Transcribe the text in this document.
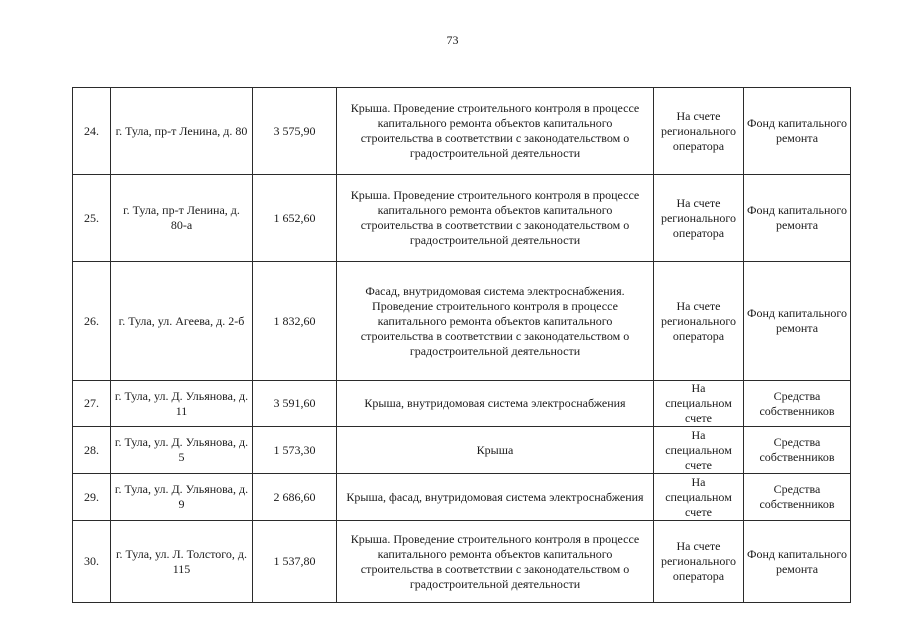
73
24.	г. Тула, пр-т Ленина, д. 80	3 575,90	Крыша. Проведение строительного контроля в процессе капитального ремонта объектов капитального строительства в соответствии с законодательством о градостроительной деятельности	На счете регионального оператора	Фонд капитального ремонта
25.	г. Тула, пр-т Ленина, д. 80-а	1 652,60	Крыша. Проведение строительного контроля в процессе капитального ремонта объектов капитального строительства в соответствии с законодательством о градостроительной деятельности	На счете регионального оператора	Фонд капитального ремонта
26.	г. Тула, ул. Агеева, д. 2-б	1 832,60	Фасад, внутридомовая система электроснабжения. Проведение строительного контроля в процессе капитального ремонта объектов капитального строительства в соответствии с законодательством о градостроительной деятельности	На счете регионального оператора	Фонд капитального ремонта
27.	г. Тула, ул. Д. Ульянова, д. 11	3 591,60	Крыша, внутридомовая система электроснабжения	На специальном счете	Средства собственников
28.	г. Тула, ул. Д. Ульянова, д. 5	1 573,30	Крыша	На специальном счете	Средства собственников
29.	г. Тула, ул. Д. Ульянова, д. 9	2 686,60	Крыша, фасад, внутридомовая система электроснабжения	На специальном счете	Средства собственников
30.	г. Тула, ул. Л. Толстого, д. 115	1 537,80	Крыша. Проведение строительного контроля в процессе капитального ремонта объектов капитального строительства в соответствии с законодательством о градостроительной деятельности	На счете регионального оператора	Фонд капитального ремонта
